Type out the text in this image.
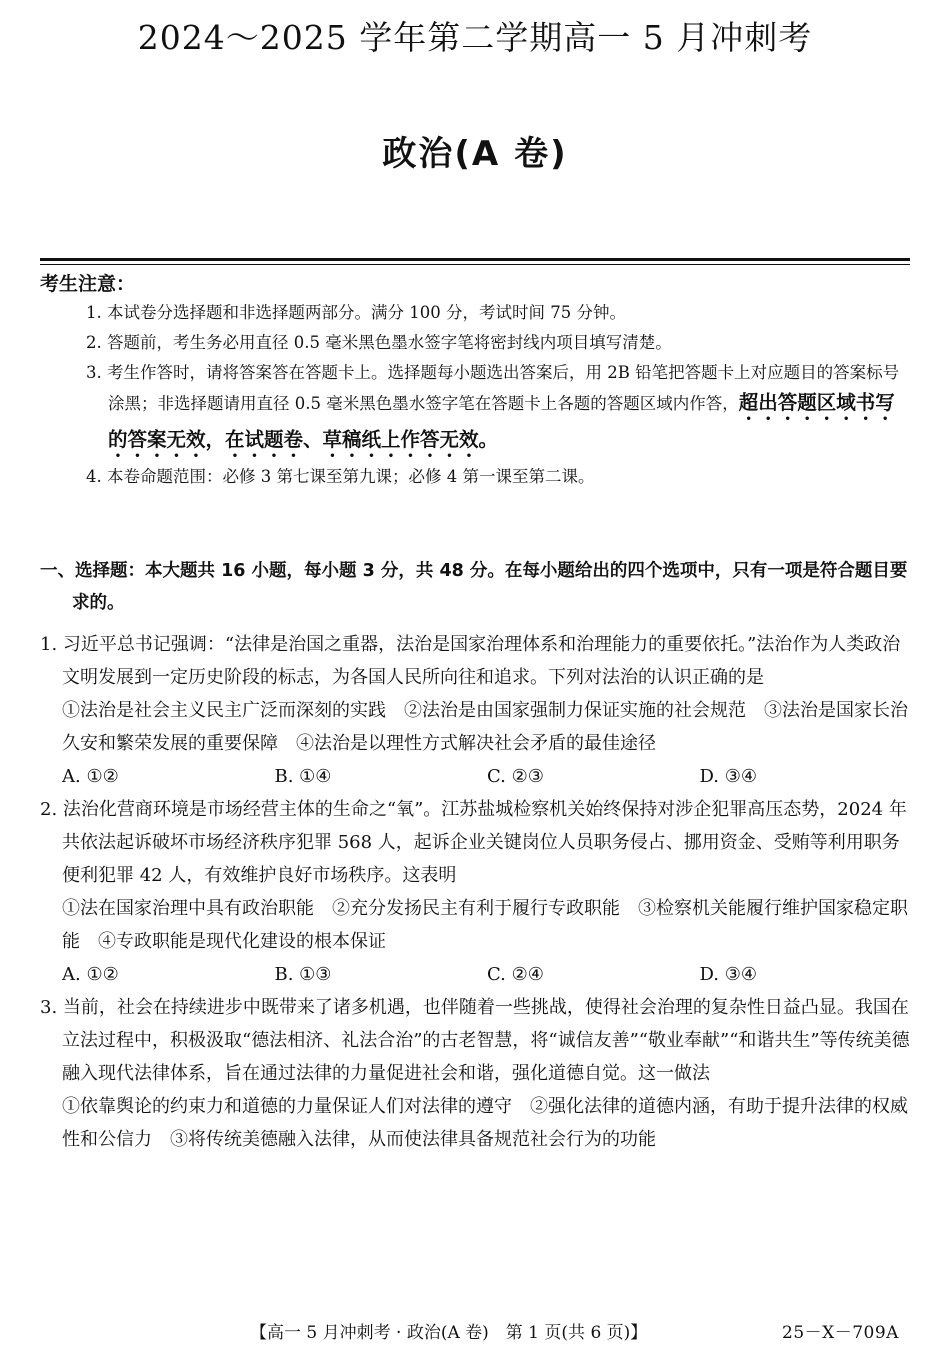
2024～2025 学年第二学期高一 5 月冲刺考
政治(A 卷)
考生注意：
1. 本试卷分选择题和非选择题两部分。满分 100 分，考试时间 75 分钟。
2. 答题前，考生务必用直径 0.5 毫米黑色墨水签字笔将密封线内项目填写清楚。
3. 考生作答时，请将答案答在答题卡上。选择题每小题选出答案后，用 2B 铅笔把答题卡上对应题目的答案标号涂黑；非选择题请用直径 0.5 毫米黑色墨水签字笔在答题卡上各题的答题区域内作答，超出答题区域书写的答案无效，在试题卷、草稿纸上作答无效。
4. 本卷命题范围：必修 3 第七课至第九课；必修 4 第一课至第二课。
一、选择题：本大题共 16 小题，每小题 3 分，共 48 分。在每小题给出的四个选项中，只有一项是符合题目要求的。
1. 习近平总书记强调：“法律是治国之重器，法治是国家治理体系和治理能力的重要依托。”法治作为人类政治文明发展到一定历史阶段的标志，为各国人民所向往和追求。下列对法治的认识正确的是
①法治是社会主义民主广泛而深刻的实践　②法治是由国家强制力保证实施的社会规范　③法治是国家长治久安和繁荣发展的重要保障　④法治是以理性方式解决社会矛盾的最佳途径
A. ①②	B. ①④	C. ②③	D. ③④
2. 法治化营商环境是市场经营主体的生命之“氧”。江苏盐城检察机关始终保持对涉企犯罪高压态势，2024 年共依法起诉破坏市场经济秩序犯罪 568 人，起诉企业关键岗位人员职务侵占、挪用资金、受贿等利用职务便利犯罪 42 人，有效维护良好市场秩序。这表明
①法在国家治理中具有政治职能　②充分发扬民主有利于履行专政职能　③检察机关能履行维护国家稳定职能　④专政职能是现代化建设的根本保证
A. ①②	B. ①③	C. ②④	D. ③④
3. 当前，社会在持续进步中既带来了诸多机遇，也伴随着一些挑战，使得社会治理的复杂性日益凸显。我国在立法过程中，积极汲取“德法相济、礼法合治”的古老智慧，将“诚信友善”“敬业奉献”“和谐共生”等传统美德融入现代法律体系，旨在通过法律的力量促进社会和谐，强化道德自觉。这一做法
①依靠舆论的约束力和道德的力量保证人们对法律的遵守　②强化法律的道德内涵，有助于提升法律的权威性和公信力　③将传统美德融入法律，从而使法律具备规范社会行为的功能
【高一 5 月冲刺考 · 政治(A 卷)　第 1 页(共 6 页)】	25－X－709A
